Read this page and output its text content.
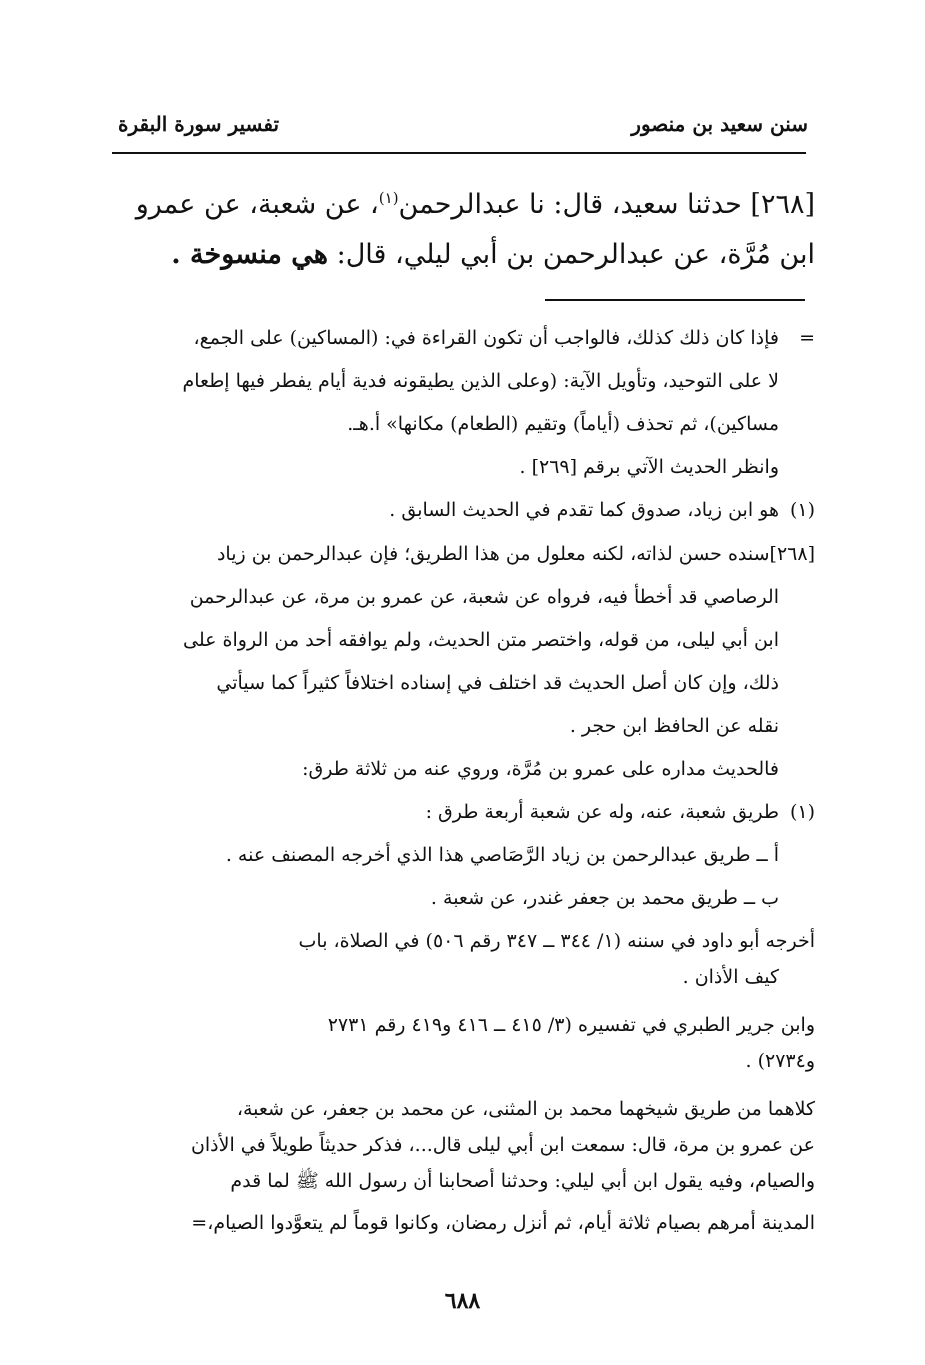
سنن سعيد بن منصور
تفسير سورة البقرة
[٢٦٨] حدثنا سعيد، قال: نا عبدالرحمن$^{(١)}$، عن شعبة، عن عمرو
ابن مُرَّة، عن عبدالرحمن بن أبي ليلي، قال: هي منسوخة .
=
فإذا كان ذلك كذلك، فالواجب أن تكون القراءة في: (المساكين) على الجمع،
لا على التوحيد، وتأويل الآية: (وعلى الذين يطيقونه فدية أيام يفطر فيها إطعام
مساكين)، ثم تحذف (أياماً) وتقيم (الطعام) مكانها» أ.هـ.
وانظر الحديث الآتي برقم [٢٦٩] .
(١)
هو ابن زياد، صدوق كما تقدم في الحديث السابق .
[٢٦٨]سنده حسن لذاته، لكنه معلول من هذا الطريق؛ فإن عبدالرحمن بن زياد
الرصاصي قد أخطأ فيه، فرواه عن شعبة، عن عمرو بن مرة، عن عبدالرحمن
ابن أبي ليلى، من قوله، واختصر متن الحديث، ولم يوافقه أحد من الرواة على
ذلك، وإن كان أصل الحديث قد اختلف في إسناده اختلافاً كثيراً كما سيأتي
نقله عن الحافظ ابن حجر .
فالحديث مداره على عمرو بن مُرَّة، وروي عنه من ثلاثة طرق:
(١)
طريق شعبة، عنه، وله عن شعبة أربعة طرق :
أ ــ طريق عبدالرحمن بن زياد الرَّصَاصي هذا الذي أخرجه المصنف عنه .
ب ــ طريق محمد بن جعفر غندر، عن شعبة .
أخرجه أبو داود في سننه (١/ ٣٤٤ ــ ٣٤٧ رقم ٥٠٦) في الصلاة، باب
كيف الأذان .
وابن جرير الطبري في تفسيره (٣/ ٤١٥ ــ ٤١٦ و٤١٩ رقم ٢٧٣١
و٢٧٣٤) .
كلاهما من طريق شيخهما محمد بن المثنى، عن محمد بن جعفر، عن شعبة،
عن عمرو بن مرة، قال: سمعت ابن أبي ليلى قال...، فذكر حديثاً طويلاً في الأذان
والصيام، وفيه يقول ابن أبي ليلي: وحدثنا أصحابنا أن رسول الله ﷺ لما قدم
المدينة أمرهم بصيام ثلاثة أيام، ثم أنزل رمضان، وكانوا قوماً لم يتعوَّدوا الصيام،=
٦٨٨
